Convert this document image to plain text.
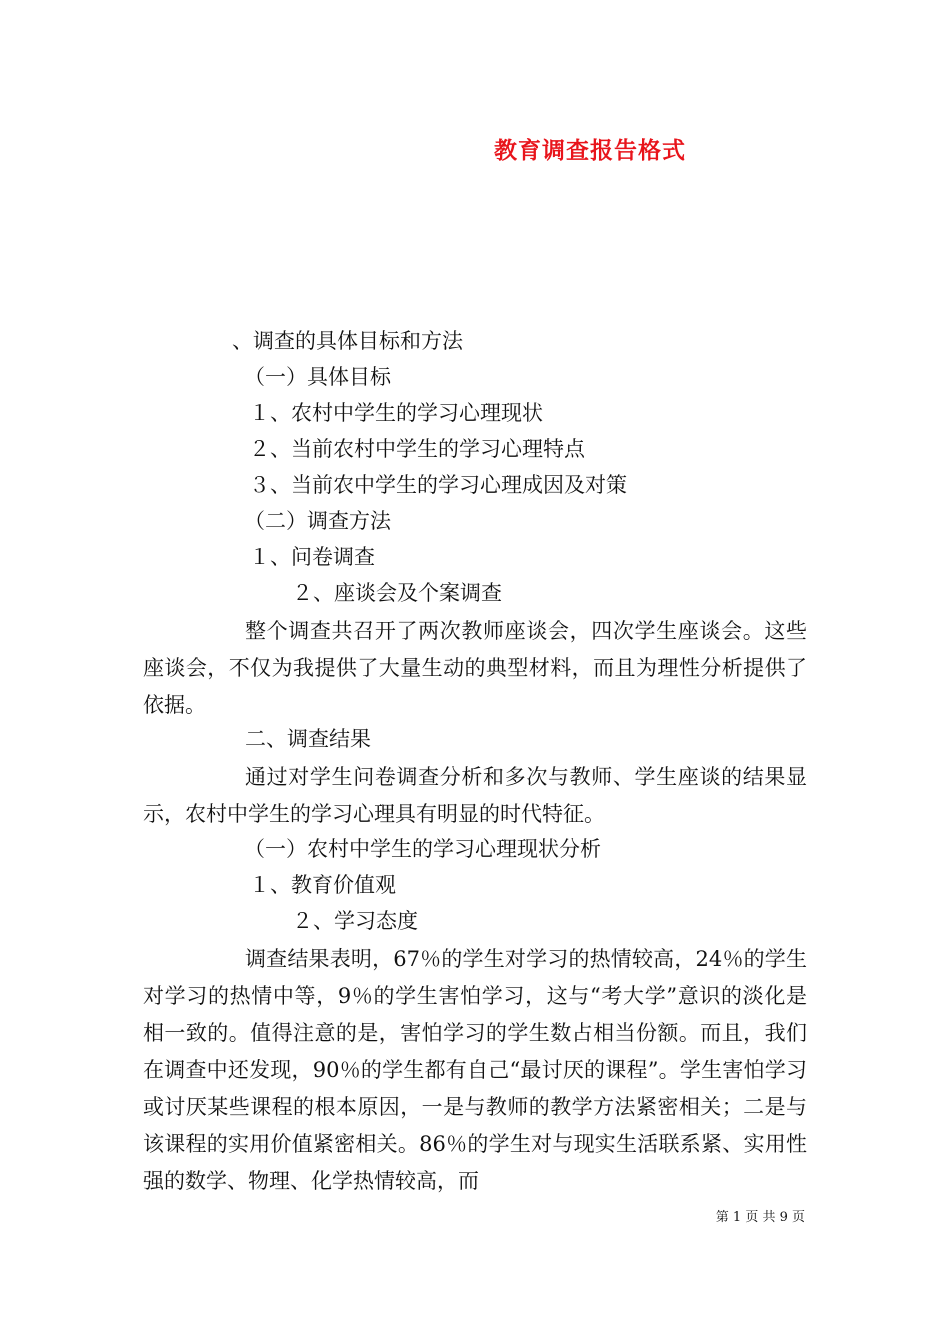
教育调查报告格式
、调查的具体目标和方法
（一）具体目标
１、农村中学生的学习心理现状
２、当前农村中学生的学习心理特点
３、当前农中学生的学习心理成因及对策
（二）调查方法
１、问卷调查
２、座谈会及个案调查
整个调查共召开了两次教师座谈会，四次学生座谈会。这些座谈会，不仅为我提供了大量生动的典型材料，而且为理性分析提供了依据。
二、调查结果
通过对学生问卷调查分析和多次与教师、学生座谈的结果显示，农村中学生的学习心理具有明显的时代特征。
（一）农村中学生的学习心理现状分析
１、教育价值观
２、学习态度
调查结果表明，67％的学生对学习的热情较高，24％的学生对学习的热情中等，9％的学生害怕学习，这与“考大学”意识的淡化是相一致的。值得注意的是，害怕学习的学生数占相当份额。而且，我们在调查中还发现，90％的学生都有自己“最讨厌的课程”。学生害怕学习或讨厌某些课程的根本原因，一是与教师的教学方法紧密相关；二是与该课程的实用价值紧密相关。86％的学生对与现实生活联系紧、实用性强的数学、物理、化学热情较高，而
第 1 页 共 9 页
